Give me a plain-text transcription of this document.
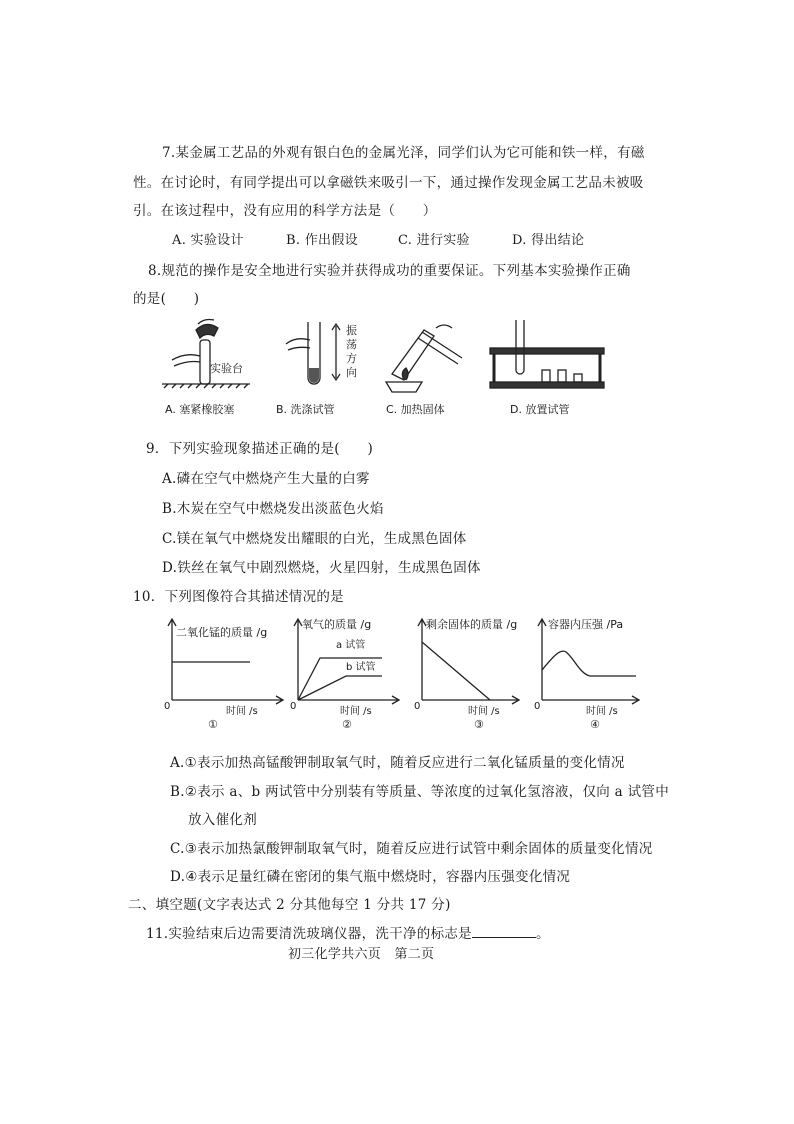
7.某金属工艺品的外观有银白色的金属光泽，同学们认为它可能和铁一样，有磁
性。在讨论时，有同学提出可以拿磁铁来吸引一下，通过操作发现金属工艺品未被吸
引。在该过程中，没有应用的科学方法是（　　）
A. 实验设计	B. 作出假设	C. 进行实验	D. 得出结论
8.规范的操作是安全地进行实验并获得成功的重要保证。下列基本实验操作正确
的是(　　)
实验台
振
荡
方
向
A. 塞紧橡胶塞	B. 洗涤试管	C. 加热固体	D. 放置试管
9．下列实验现象描述正确的是(　　)
A.磷在空气中燃烧产生大量的白雾
B.木炭在空气中燃烧发出淡蓝色火焰
C.镁在氧气中燃烧发出耀眼的白光，生成黑色固体
D.铁丝在氧气中剧烈燃烧，火星四射，生成黑色固体
10．下列图像符合其描述情况的是
二氧化锰的质量 /g
0	时间 /s
①
氧气的质量 /g
a 试管
b 试管
0	时间 /s
②
剩余固体的质量 /g
0	时间 /s
③
容器内压强 /Pa
0	时间 /s
④
A.①表示加热高锰酸钾制取氧气时，随着反应进行二氧化锰质量的变化情况
B.②表示 a、b 两试管中分别装有等质量、等浓度的过氧化氢溶液，仅向 a 试管中
放入催化剂
C.③表示加热氯酸钾制取氧气时，随着反应进行试管中剩余固体的质量变化情况
D.④表示足量红磷在密闭的集气瓶中燃烧时，容器内压强变化情况
二、填空题(文字表达式 2 分其他每空 1 分共 17 分)
11.实验结束后边需要清洗玻璃仪器，洗干净的标志是	。
初三化学共六页　第二页
